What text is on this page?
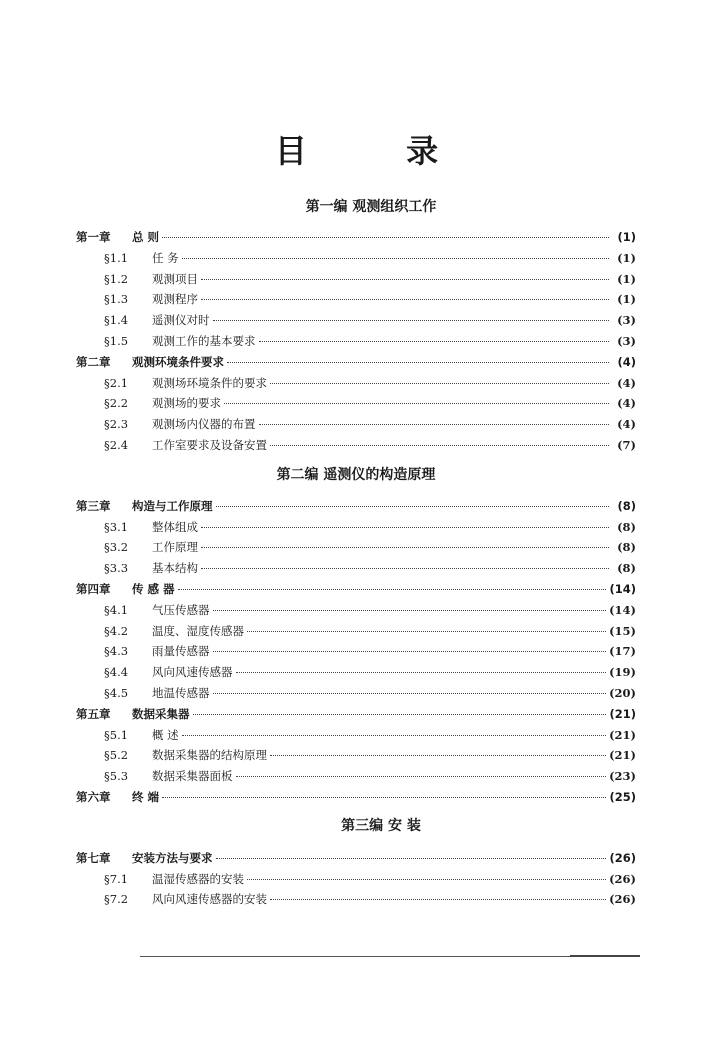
目 录
第一编 观测组织工作
第一章	总 则	(1)
§1.1	任 务	(1)
§1.2	观测项目	(1)
§1.3	观测程序	(1)
§1.4	遥测仪对时	(3)
§1.5	观测工作的基本要求	(3)
第二章	观测环境条件要求	(4)
§2.1	观测场环境条件的要求	(4)
§2.2	观测场的要求	(4)
§2.3	观测场内仪器的布置	(4)
§2.4	工作室要求及设备安置	(7)
第二编 遥测仪的构造原理
第三章	构造与工作原理	(8)
§3.1	整体组成	(8)
§3.2	工作原理	(8)
§3.3	基本结构	(8)
第四章	传 感 器	(14)
§4.1	气压传感器	(14)
§4.2	温度、湿度传感器	(15)
§4.3	雨量传感器	(17)
§4.4	风向风速传感器	(19)
§4.5	地温传感器	(20)
第五章	数据采集器	(21)
§5.1	概 述	(21)
§5.2	数据采集器的结构原理	(21)
§5.3	数据采集器面板	(23)
第六章	终 端	(25)
第三编 安 装
第七章	安装方法与要求	(26)
§7.1	温湿传感器的安装	(26)
§7.2	风向风速传感器的安装	(26)
